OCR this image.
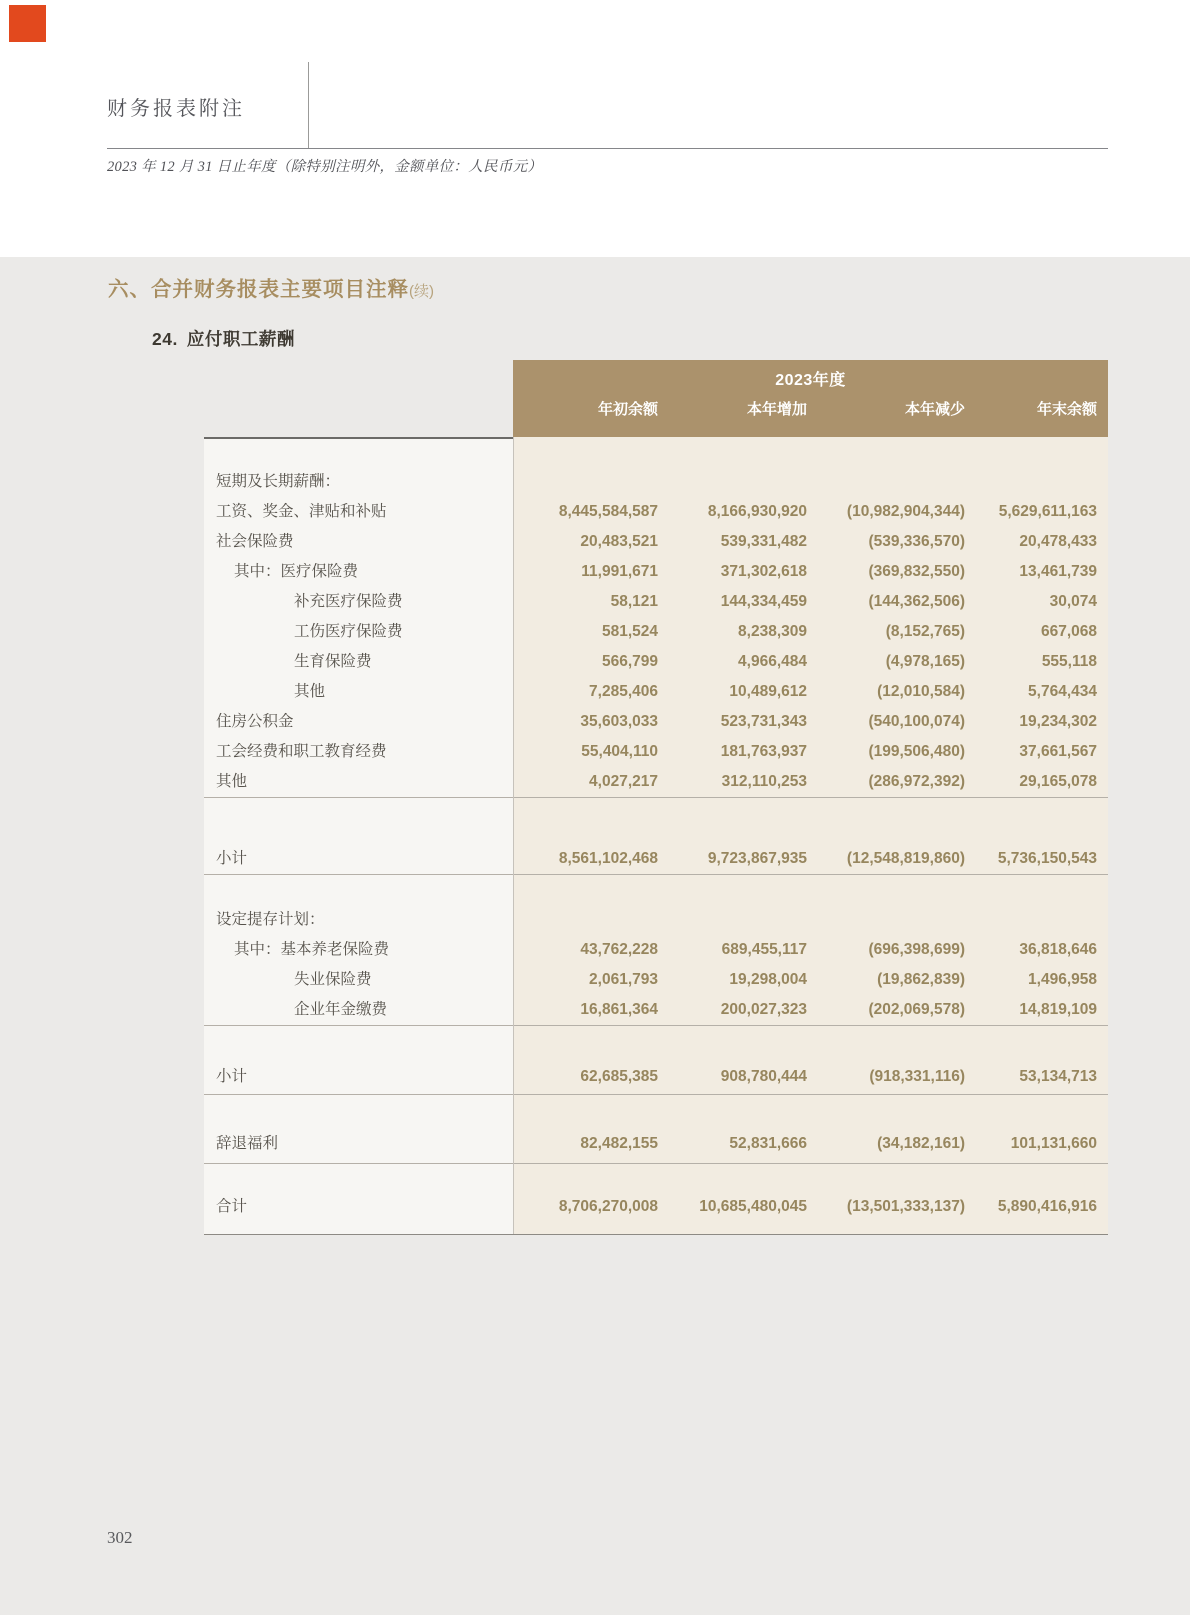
财务报表附注
2023 年 12 月 31 日止年度（除特别注明外，金额单位：人民币元）
六、合并财务报表主要项目注释(续)
24. 应付职工薪酬
2023年度
年初余额	本年增加	本年减少	年末余额
短期及长期薪酬：
工资、奖金、津贴和补贴	8,445,584,587	8,166,930,920	(10,982,904,344)	5,629,611,163
社会保险费	20,483,521	539,331,482	(539,336,570)	20,478,433
其中：医疗保险费	11,991,671	371,302,618	(369,832,550)	13,461,739
补充医疗保险费	58,121	144,334,459	(144,362,506)	30,074
工伤医疗保险费	581,524	8,238,309	(8,152,765)	667,068
生育保险费	566,799	4,966,484	(4,978,165)	555,118
其他	7,285,406	10,489,612	(12,010,584)	5,764,434
住房公积金	35,603,033	523,731,343	(540,100,074)	19,234,302
工会经费和职工教育经费	55,404,110	181,763,937	(199,506,480)	37,661,567
其他	4,027,217	312,110,253	(286,972,392)	29,165,078
小计	8,561,102,468	9,723,867,935	(12,548,819,860)	5,736,150,543
设定提存计划：
其中：基本养老保险费	43,762,228	689,455,117	(696,398,699)	36,818,646
失业保险费	2,061,793	19,298,004	(19,862,839)	1,496,958
企业年金缴费	16,861,364	200,027,323	(202,069,578)	14,819,109
小计	62,685,385	908,780,444	(918,331,116)	53,134,713
辞退福利	82,482,155	52,831,666	(34,182,161)	101,131,660
合计	8,706,270,008	10,685,480,045	(13,501,333,137)	5,890,416,916
302
